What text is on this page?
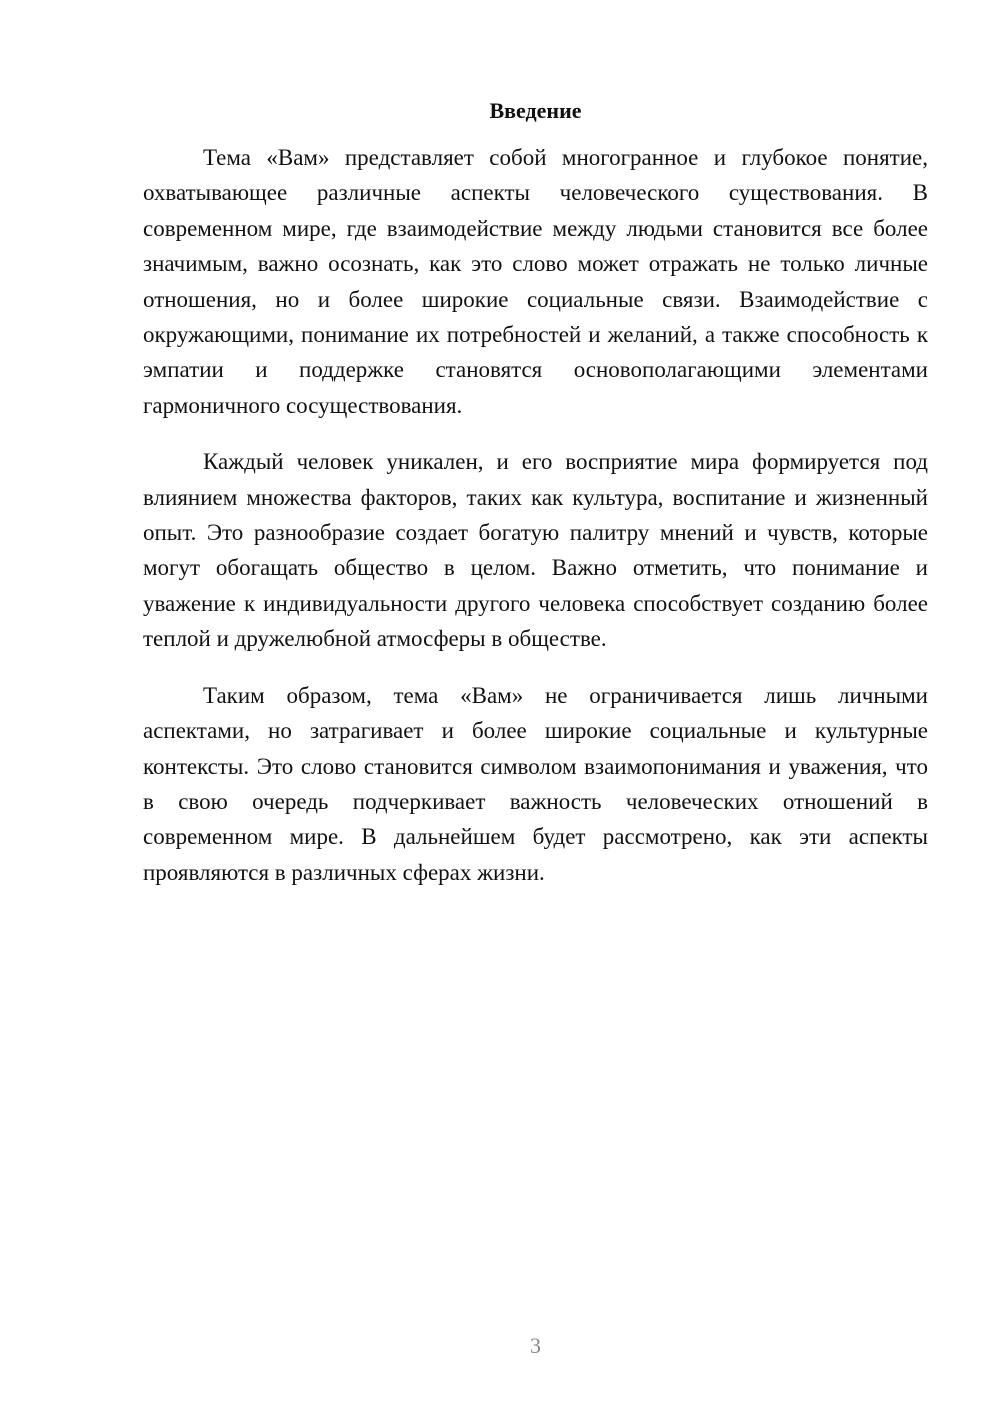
Введение

Тема «Вам» представляет собой многогранное и глубокое понятие, охватывающее различные аспекты человеческого существования. В современном мире, где взаимодействие между людьми становится все более значимым, важно осознать, как это слово может отражать не только личные отношения, но и более широкие социальные связи. Взаимодействие с окружающими, понимание их потребностей и желаний, а также способность к эмпатии и поддержке становятся основополагающими элементами гармоничного сосуществования.

Каждый человек уникален, и его восприятие мира формируется под влиянием множества факторов, таких как культура, воспитание и жизненный опыт. Это разнообразие создает богатую палитру мнений и чувств, которые могут обогащать общество в целом. Важно отметить, что понимание и уважение к индивидуальности другого человека способствует созданию более теплой и дружелюбной атмосферы в обществе.

Таким образом, тема «Вам» не ограничивается лишь личными аспектами, но затрагивает и более широкие социальные и культурные контексты. Это слово становится символом взаимопонимания и уважения, что в свою очередь подчеркивает важность человеческих отношений в современном мире. В дальнейшем будет рассмотрено, как эти аспекты проявляются в различных сферах жизни.

3
